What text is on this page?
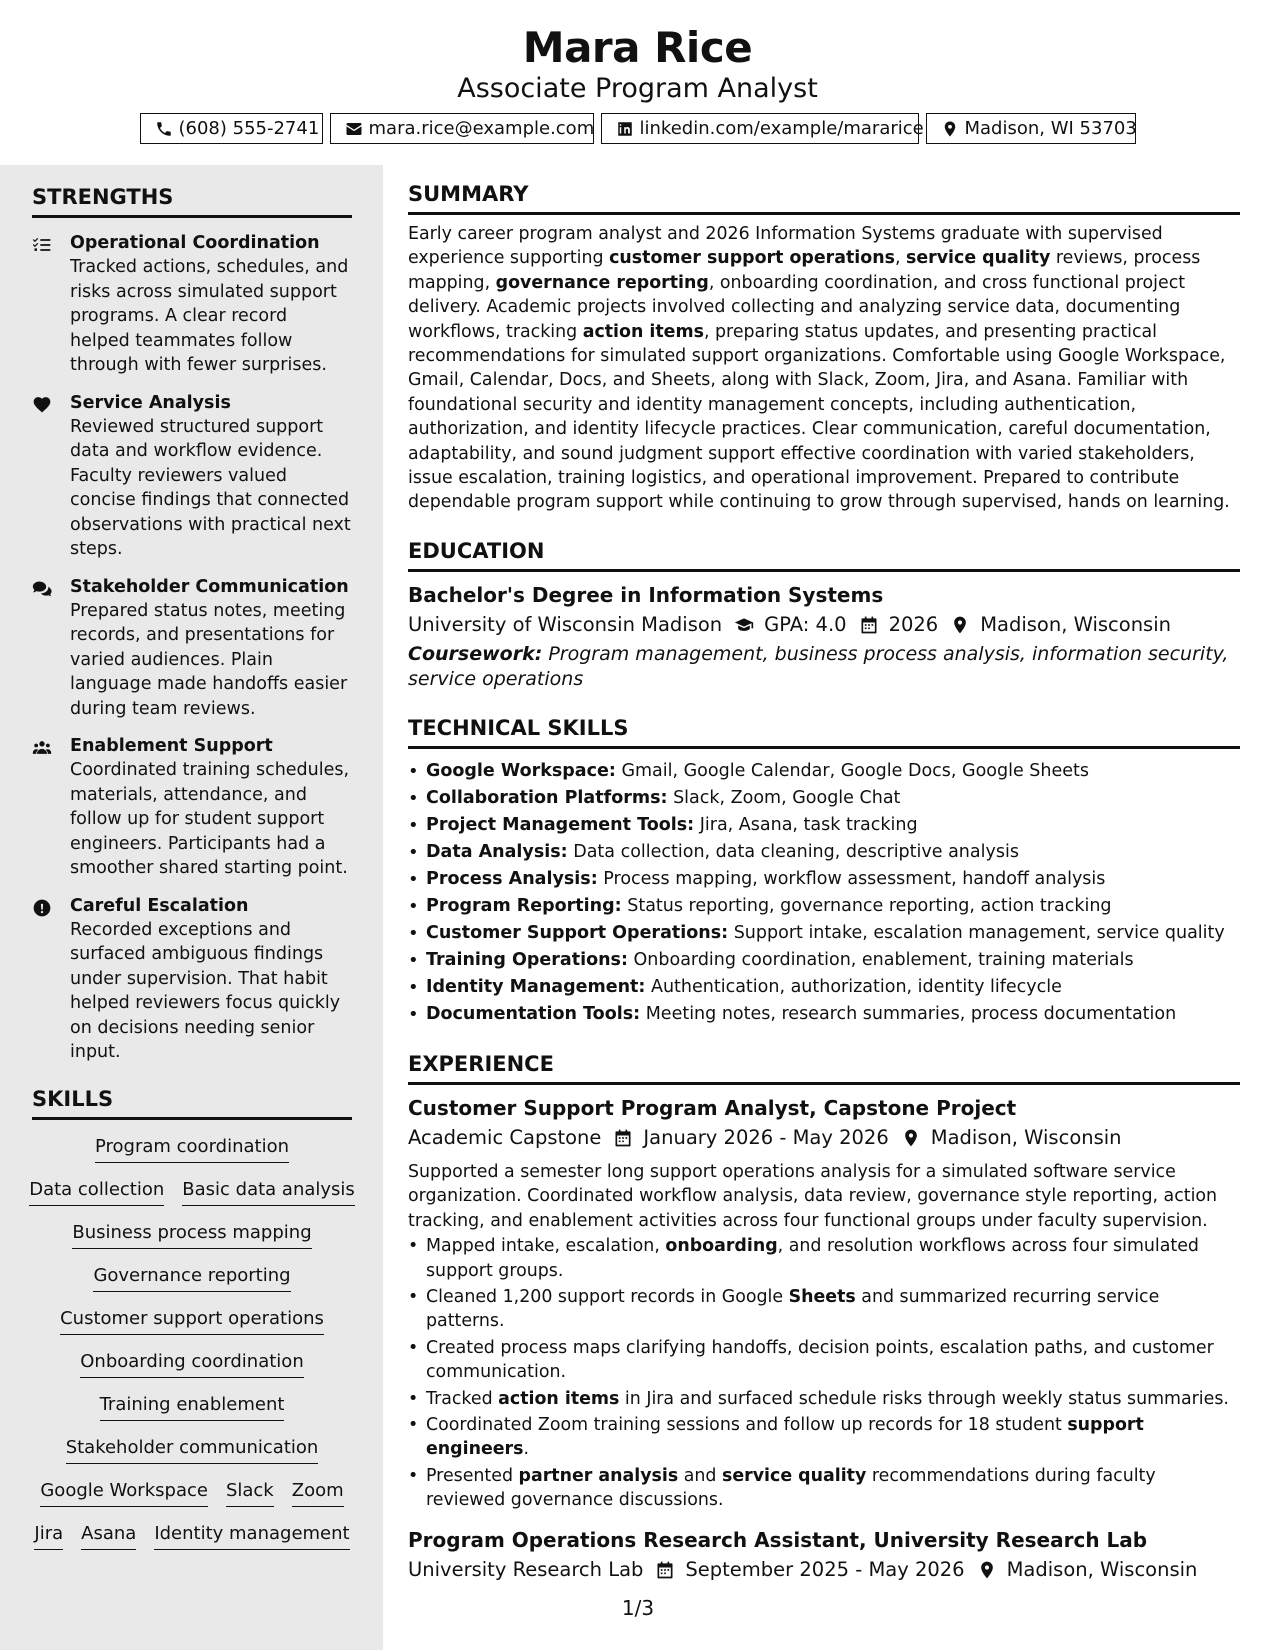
Mara Rice
Associate Program Analyst
(608) 555-2741	mara.rice@example.com	linkedin.com/example/mararice Madison, WI 53703
STRENGTHS
Operational Coordination
Tracked actions, schedules, and risks across simulated support programs. A clear record helped teammates follow through with fewer surprises.
Service Analysis
Reviewed structured support data and workflow evidence. Faculty reviewers valued concise findings that connected observations with practical next steps.
Stakeholder Communication
Prepared status notes, meeting records, and presentations for varied audiences. Plain language made handoffs easier during team reviews.
Enablement Support
Coordinated training schedules, materials, attendance, and follow up for student support engineers. Participants had a smoother shared starting point.
Careful Escalation
Recorded exceptions and surfaced ambiguous findings under supervision. That habit helped reviewers focus quickly on decisions needing senior input.
SKILLS
Program coordination
Data collection Basic data analysis
Business process mapping
Governance reporting
Customer support operations
Onboarding coordination
Training enablement
Stakeholder communication
Google Workspace Slack Zoom
Jira Asana Identity management
SUMMARY

Early career program analyst and 2026 Information Systems graduate with supervised experience supporting customer support operations, service quality reviews, process mapping, governance reporting, onboarding coordination, and cross functional project delivery. Academic projects involved collecting and analyzing service data, documenting workflows, tracking action items, preparing status updates, and presenting practical recommendations for simulated support organizations. Comfortable using Google Workspace, Gmail, Calendar, Docs, and Sheets, along with Slack, Zoom, Jira, and Asana. Familiar with foundational security and identity management concepts, including authentication, authorization, and identity lifecycle practices. Clear communication, careful documentation, adaptability, and sound judgment support effective coordination with varied stakeholders, issue escalation, training logistics, and operational improvement. Prepared to contribute dependable program support while continuing to grow through supervised, hands on learning.

EDUCATION
Bachelor's Degree in Information Systems
University of Wisconsin Madison GPA: 4.0 2026 Madison, Wisconsin

Coursework: Program management, business process analysis, information security, service operations

TECHNICAL SKILLS
• Google Workspace: Gmail, Google Calendar, Google Docs, Google Sheets
• Collaboration Platforms: Slack, Zoom, Google Chat
• Project Management Tools: Jira, Asana, task tracking
• Data Analysis: Data collection, data cleaning, descriptive analysis
• Process Analysis: Process mapping, workflow assessment, handoff analysis
• Program Reporting: Status reporting, governance reporting, action tracking
• Customer Support Operations: Support intake, escalation management, service quality
• Training Operations: Onboarding coordination, enablement, training materials
• Identity Management: Authentication, authorization, identity lifecycle
• Documentation Tools: Meeting notes, research summaries, process documentation
EXPERIENCE
Customer Support Program Analyst, Capstone Project
Academic Capstone January 2026 - May 2026 Madison, Wisconsin

Supported a semester long support operations analysis for a simulated software service organization. Coordinated workflow analysis, data review, governance style reporting, action tracking, and enablement activities across four functional groups under faculty supervision.

• Mapped intake, escalation, onboarding, and resolution workflows across four simulated support groups.
• Cleaned 1,200 support records in Google Sheets and summarized recurring service patterns.
• Created process maps clarifying handoffs, decision points, escalation paths, and customer communication.
• Tracked action items in Jira and surfaced schedule risks through weekly status summaries.
• Coordinated Zoom training sessions and follow up records for 18 student support engineers.
• Presented partner analysis and service quality recommendations during faculty reviewed governance discussions.
Program Operations Research Assistant, University Research Lab
University Research Lab September 2025 - May 2026 Madison, Wisconsin
1/3
